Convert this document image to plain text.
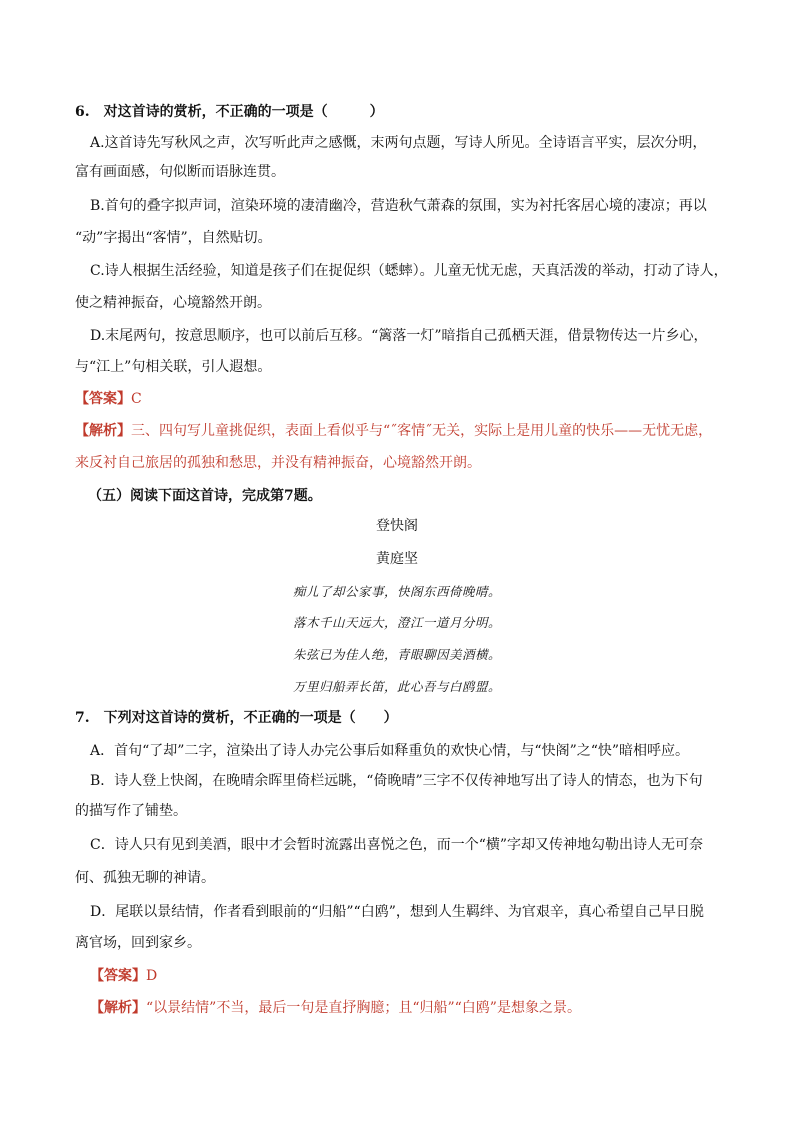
6.　对这首诗的赏析，不正确的一项是（　　　）
A.这首诗先写秋风之声，次写听此声之感慨，末两句点题，写诗人所见。全诗语言平实，层次分明，
富有画面感，句似断而语脉连贯。
B.首句的叠字拟声词，渲染环境的凄清幽冷，营造秋气萧森的氛围，实为衬托客居心境的凄凉；再以
“动”字揭出“客情”，自然贴切。
C.诗人根据生活经验，知道是孩子们在捉促织（蟋蟀）。儿童无忧无虑，天真活泼的举动，打动了诗人，
使之精神振奋，心境豁然开朗。
D.末尾两句，按意思顺序，也可以前后互移。“篱落一灯”暗指自己孤栖天涯，借景物传达一片乡心，
与“江上”句相关联，引人遐想。
【答案】C
【解析】三、四句写儿童挑促织，表面上看似乎与“˝客情˝无关，实际上是用儿童的快乐——无忧无虑，
来反衬自己旅居的孤独和愁思，并没有精神振奋，心境豁然开朗。
（五）阅读下面这首诗，完成第7题。
登快阁
黄庭坚
痴儿了却公家事，快阁东西倚晚晴。
落木千山天远大，澄江一道月分明。
朱弦已为佳人绝，青眼聊因美酒横。
万里归船弄长笛，此心吾与白鸥盟。
7.　下列对这首诗的赏析，不正确的一项是（　　）
A．首句“了却”二字，渲染出了诗人办完公事后如释重负的欢快心情，与“快阁”之“快”暗相呼应。
B．诗人登上快阁，在晚晴余晖里倚栏远眺，“倚晚晴”三字不仅传神地写出了诗人的情态，也为下句
的描写作了铺垫。
C．诗人只有见到美酒，眼中才会暂时流露出喜悦之色，而一个“横”字却又传神地勾勒出诗人无可奈
何、孤独无聊的神请。
D．尾联以景结情，作者看到眼前的“归船”“白鸥”，想到人生羁绊、为官艰辛，真心希望自己早日脱
离官场，回到家乡。
【答案】D
【解析】“以景结情”不当，最后一句是直抒胸臆；且“归船”“白鸥”是想象之景。
